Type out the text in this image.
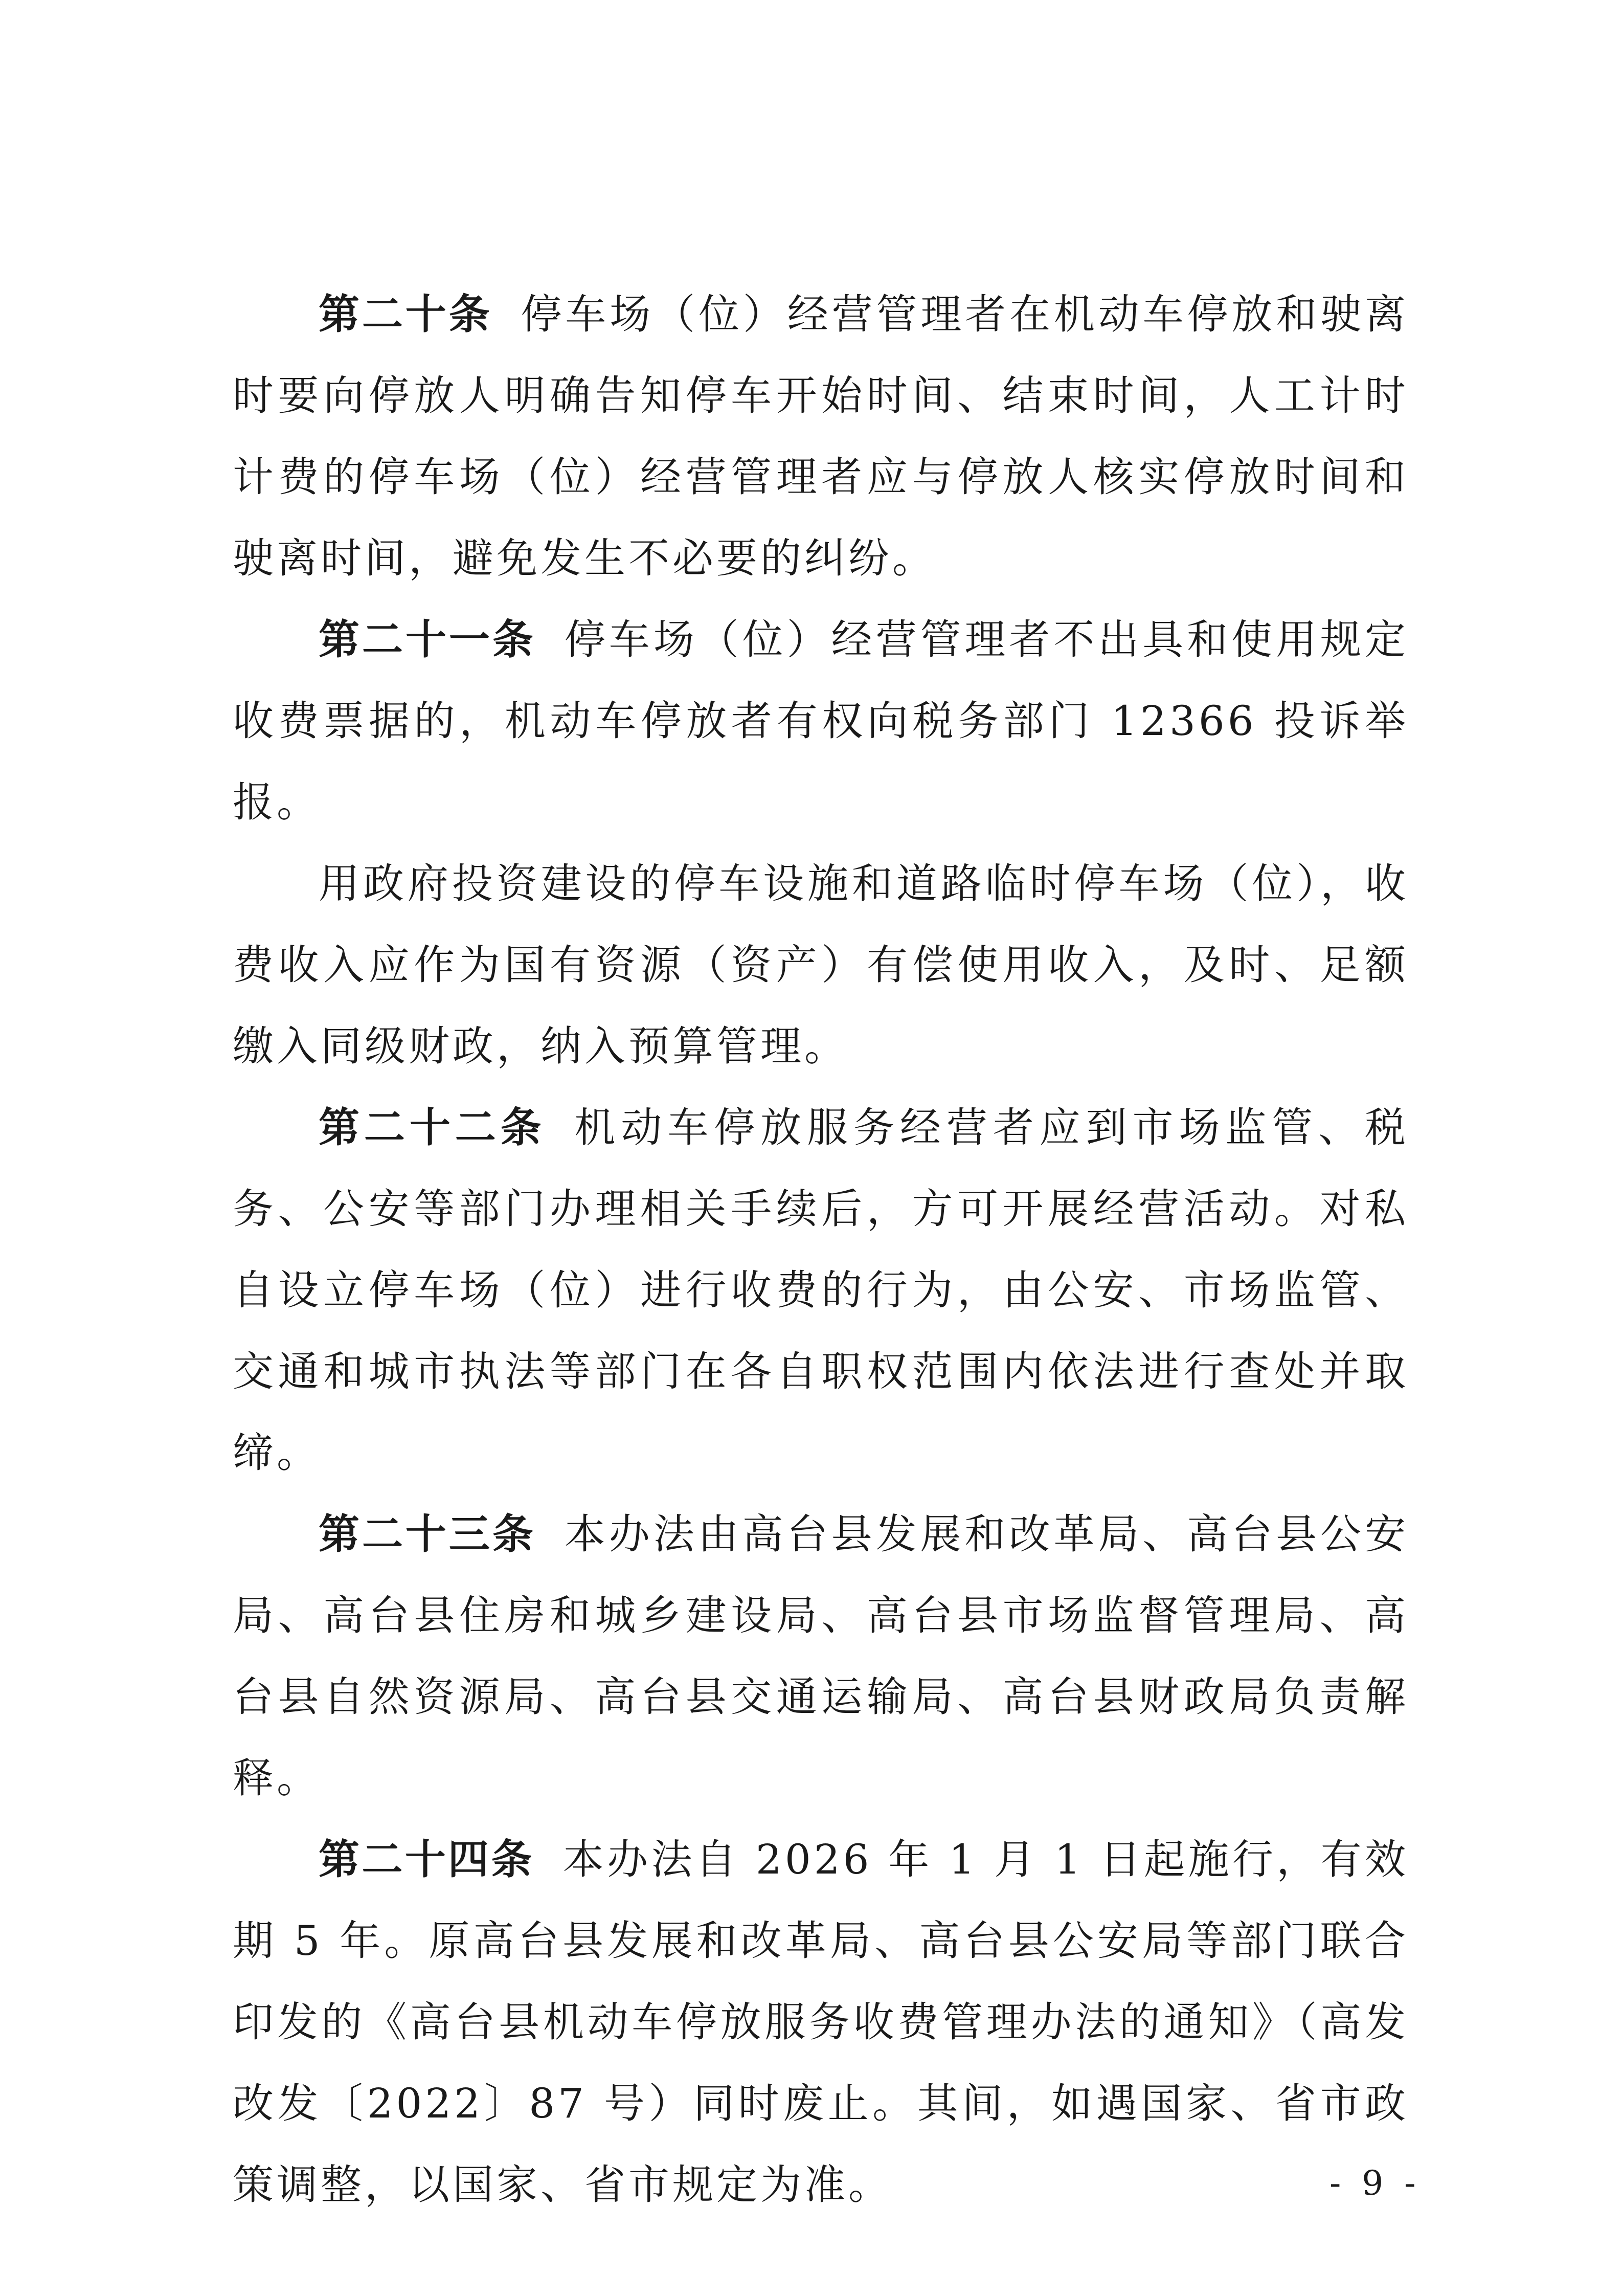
第二十条 停车场（位）经营管理者在机动车停放和驶离时要向停放人明确告知停车开始时间、结束时间，人工计时计费的停车场（位）经营管理者应与停放人核实停放时间和驶离时间，避免发生不必要的纠纷。

第二十一条 停车场（位）经营管理者不出具和使用规定收费票据的，机动车停放者有权向税务部门 12366 投诉举报。

用政府投资建设的停车设施和道路临时停车场（位），收费收入应作为国有资源（资产）有偿使用收入，及时、足额缴入同级财政，纳入预算管理。

第二十二条 机动车停放服务经营者应到市场监管、税务、公安等部门办理相关手续后，方可开展经营活动。对私自设立停车场（位）进行收费的行为，由公安、市场监管、交通和城市执法等部门在各自职权范围内依法进行查处并取缔。

第二十三条 本办法由高台县发展和改革局、高台县公安局、高台县住房和城乡建设局、高台县市场监督管理局、高台县自然资源局、高台县交通运输局、高台县财政局负责解释。

第二十四条 本办法自 2026 年 1 月 1 日起施行，有效期 5 年。原高台县发展和改革局、高台县公安局等部门联合印发的《高台县机动车停放服务收费管理办法的通知》（高发改发〔2022〕87 号）同时废止。其间，如遇国家、省市政策调整，以国家、省市规定为准。	- 9 -
